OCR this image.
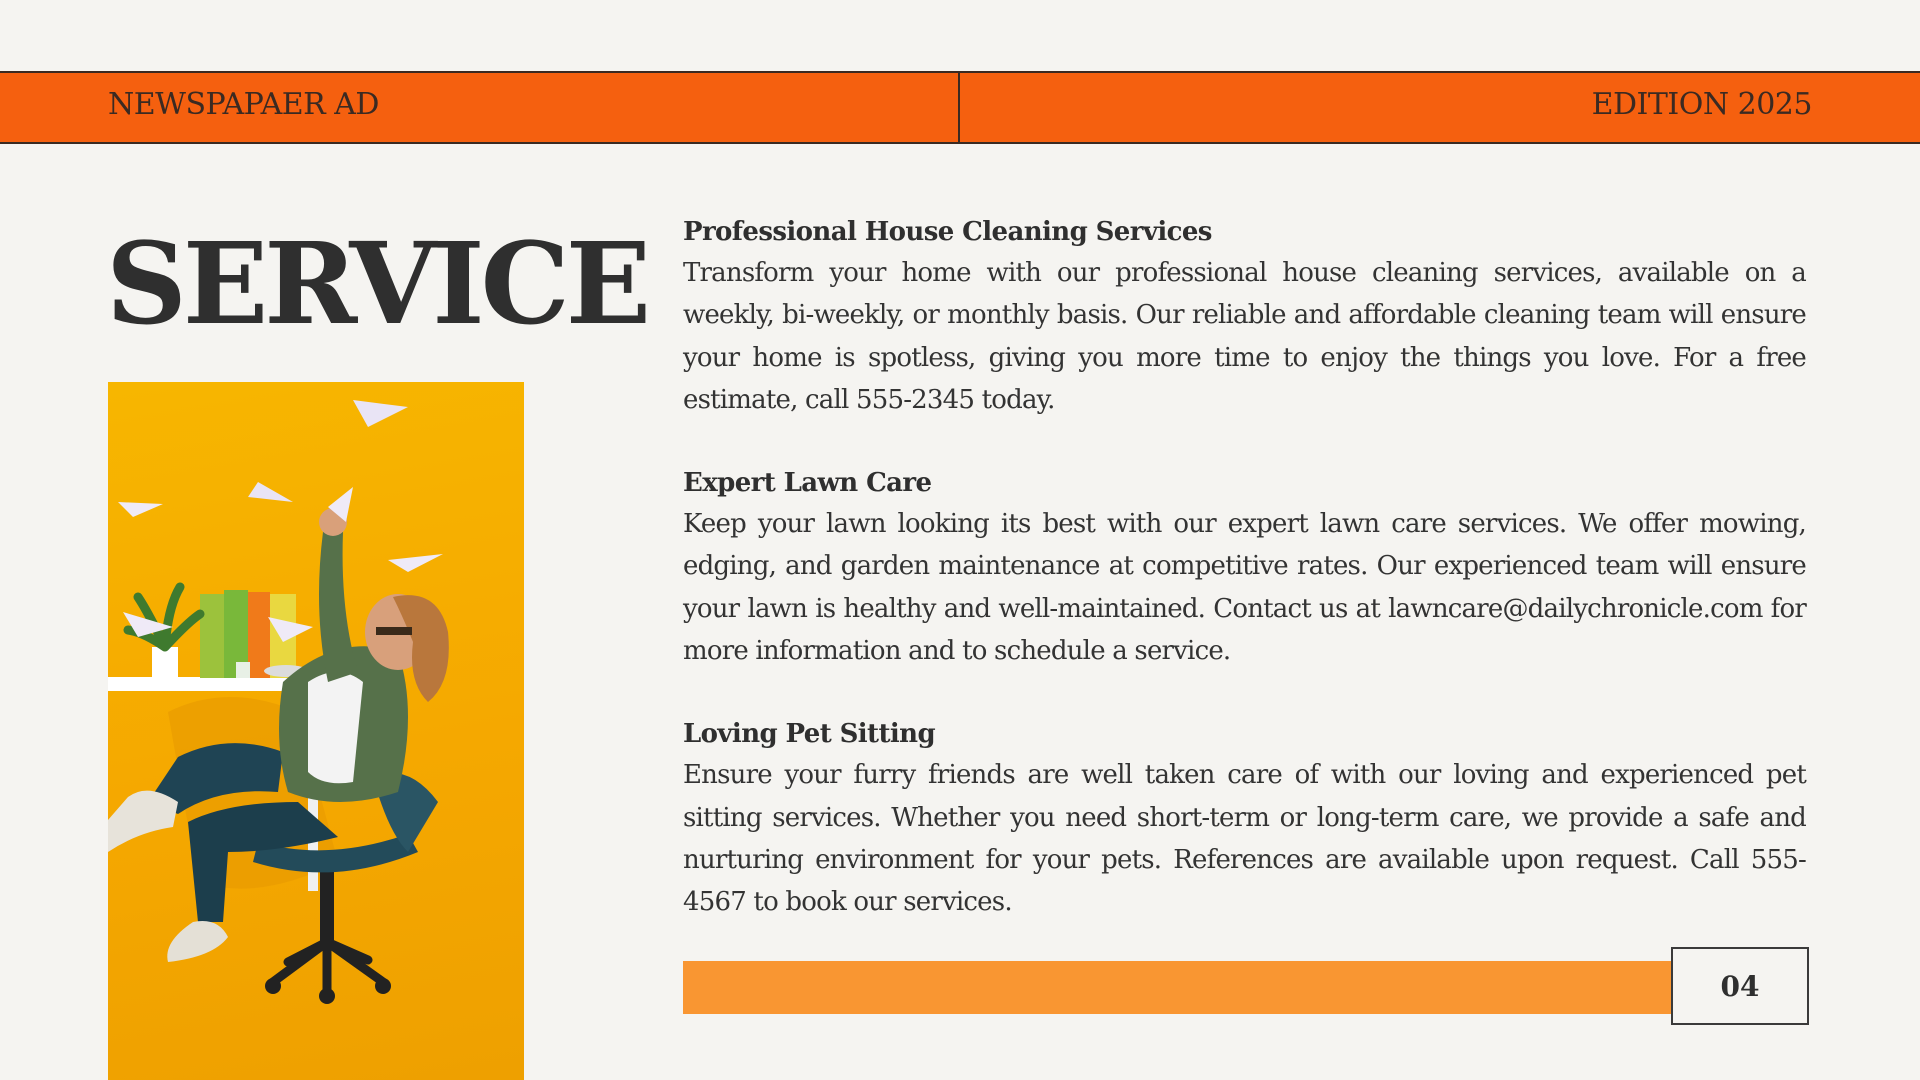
NEWSPAPAER AD	EDITION 2025
SERVICE Professional House Cleaning Services
Transform your home with our professional house cleaning services, available on a weekly, bi-weekly, or monthly basis. Our reliable and affordable cleaning team will ensure your home is spotless, giving you more time to enjoy the things you love. For a free estimate, call 555-2345 today.
Expert Lawn Care
Keep your lawn looking its best with our expert lawn care services. We offer mowing, edging, and garden maintenance at competitive rates. Our experienced team will ensure your lawn is healthy and well-maintained. Contact us at lawncare@dailychronicle.com for more information and to schedule a service.
Loving Pet Sitting
Ensure your furry friends are well taken care of with our loving and experienced pet sitting services. Whether you need short-term or long-term care, we provide a safe and nurturing environment for your pets. References are available upon request. Call 555-4567 to book our services.
04
